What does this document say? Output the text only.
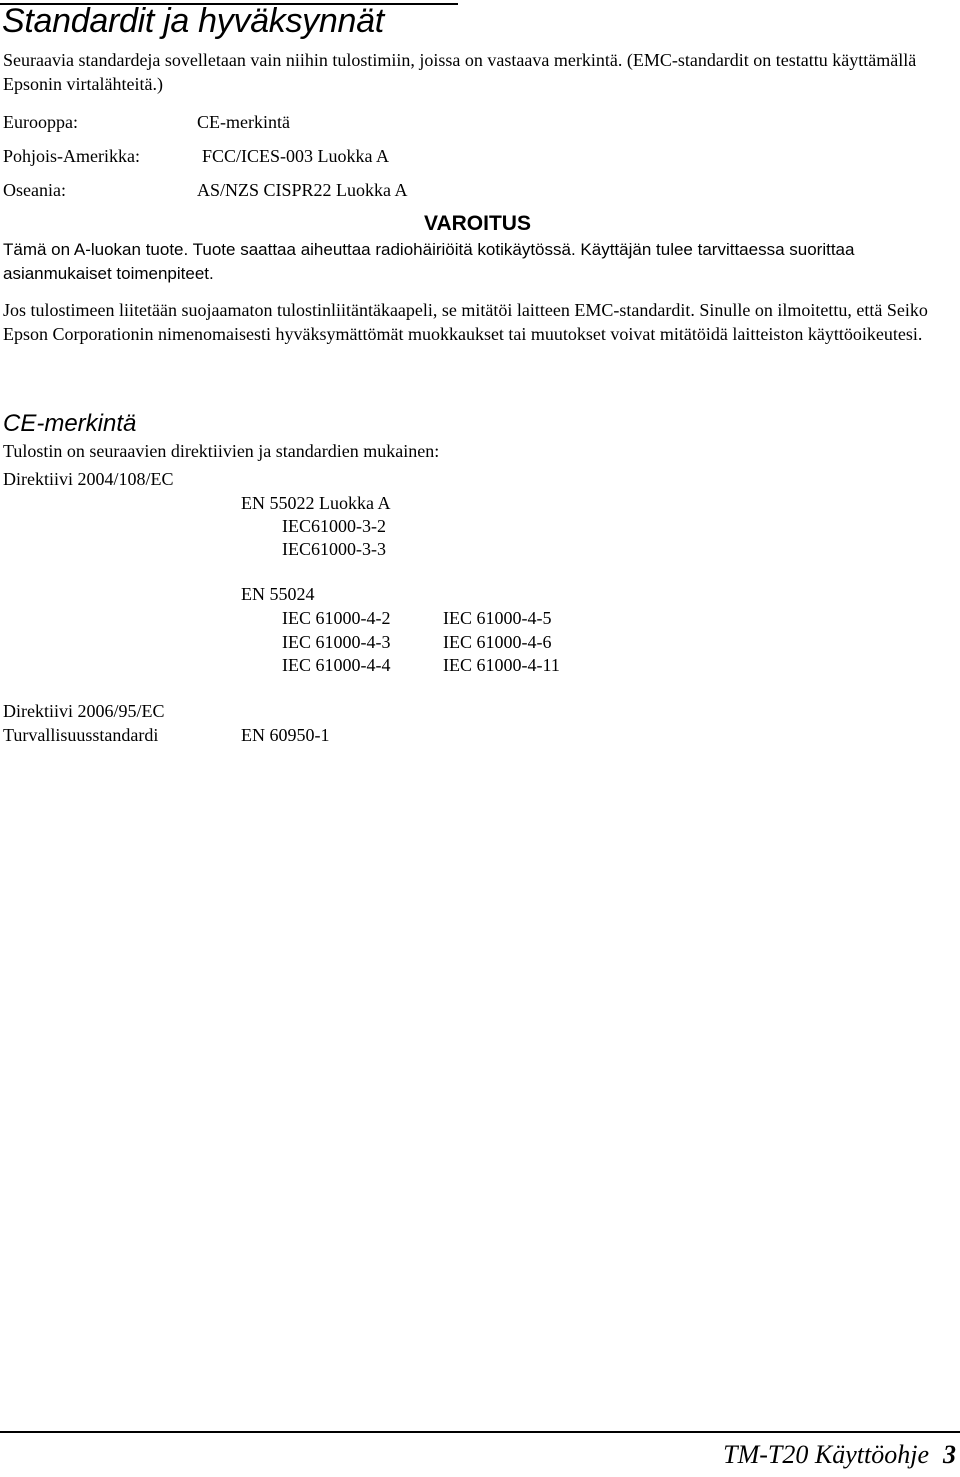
Standardit ja hyväksynnät
Seuraavia standardeja sovelletaan vain niihin tulostimiin, joissa on vastaava merkintä. (EMC-standardit on testattu käyttämällä Epsonin virtalähteitä.)
Eurooppa:	CE-merkintä
Pohjois-Amerikka:	FCC/ICES-003 Luokka A
Oseania:	AS/NZS CISPR22 Luokka A
VAROITUS
Tämä on A-luokan tuote. Tuote saattaa aiheuttaa radiohäiriöitä kotikäytössä. Käyttäjän tulee tarvittaessa suorittaa asianmukaiset toimenpiteet.
Jos tulostimeen liitetään suojaamaton tulostinliitäntäkaapeli, se mitätöi laitteen EMC-standardit. Sinulle on ilmoitettu, että Seiko Epson Corporationin nimenomaisesti hyväksymättömät muokkaukset tai muutokset voivat mitätöidä laitteiston käyttöoikeutesi.
CE-merkintä
Tulostin on seuraavien direktiivien ja standardien mukainen:
Direktiivi 2004/108/EC
EN 55022 Luokka A
IEC61000-3-2
IEC61000-3-3
EN 55024
IEC 61000-4-2	IEC 61000-4-5
IEC 61000-4-3	IEC 61000-4-6
IEC 61000-4-4	IEC 61000-4-11
Direktiivi 2006/95/EC
Turvallisuusstandardi	EN 60950-1
TM-T20 Käyttöohje 3
